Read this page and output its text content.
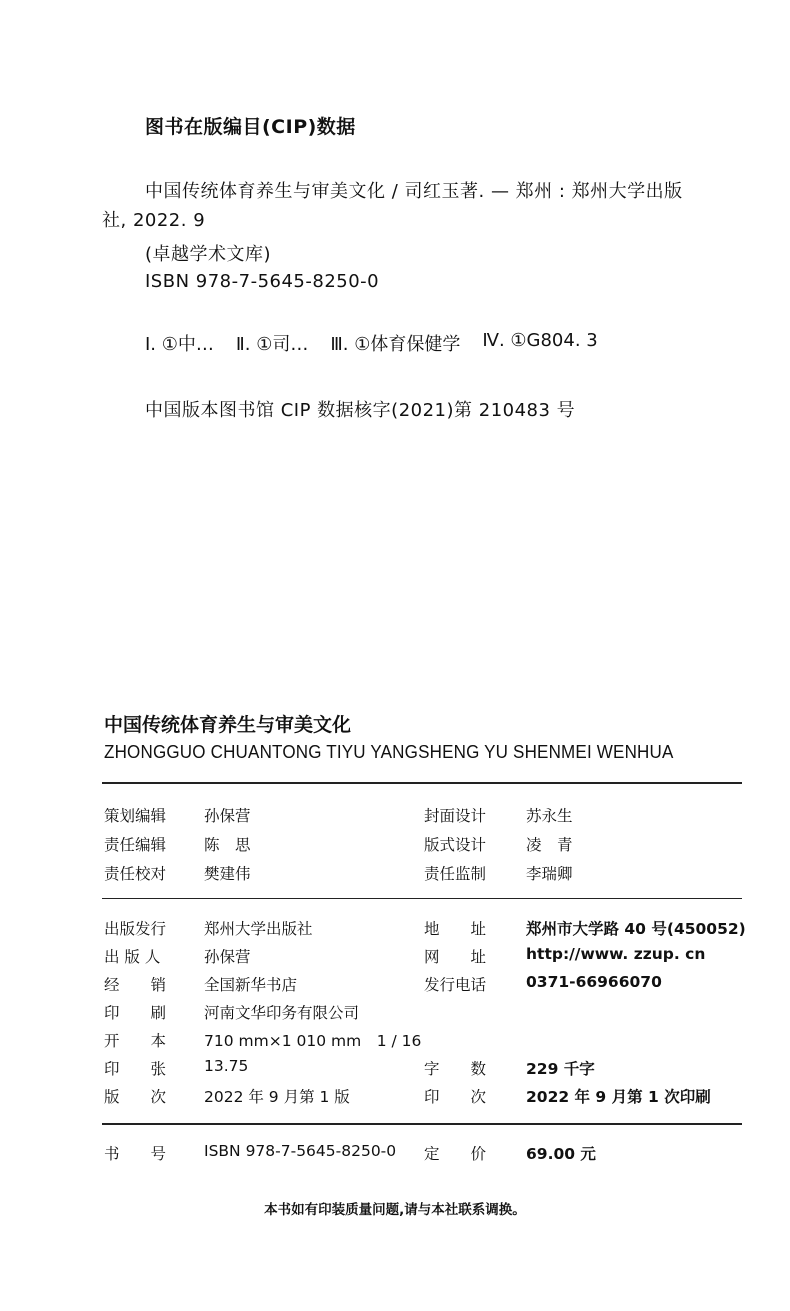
图书在版编目(CIP)数据
中国传统体育养生与审美文化 / 司红玉著. — 郑州 : 郑州大学出版
社, 2022. 9
(卓越学术文库)
ISBN 978-7-5645-8250-0
Ⅰ. ①中… Ⅱ. ①司… Ⅲ. ①体育保健学 Ⅳ. ①G804. 3
中国版本图书馆 CIP 数据核字(2021)第 210483 号
中国传统体育养生与审美文化
ZHONGGUO CHUANTONG TIYU YANGSHENG YU SHENMEI WENHUA
策划编辑 孙保营	封面设计	苏永生
责任编辑 陈　思	版式设计	凌　青
责任校对 樊建伟	责任监制	李瑞卿
出版发行 郑州大学出版社	地　　址	郑州市大学路 40 号(450052)
出 版 人	孙保营	网　　址	http://www. zzup. cn
经　　销 全国新华书店	发行电话	0371-66966070
印　　刷 河南文华印务有限公司
开　　本 710 mm×1 010 mm　1 / 16
印　　张 13.75	字　　数	229 千字
版　　次 2022 年 9 月第 1 版	印　　次	2022 年 9 月第 1 次印刷
书　　号 ISBN 978-7-5645-8250-0 定　　价	69.00 元
本书如有印装质量问题,请与本社联系调换。
